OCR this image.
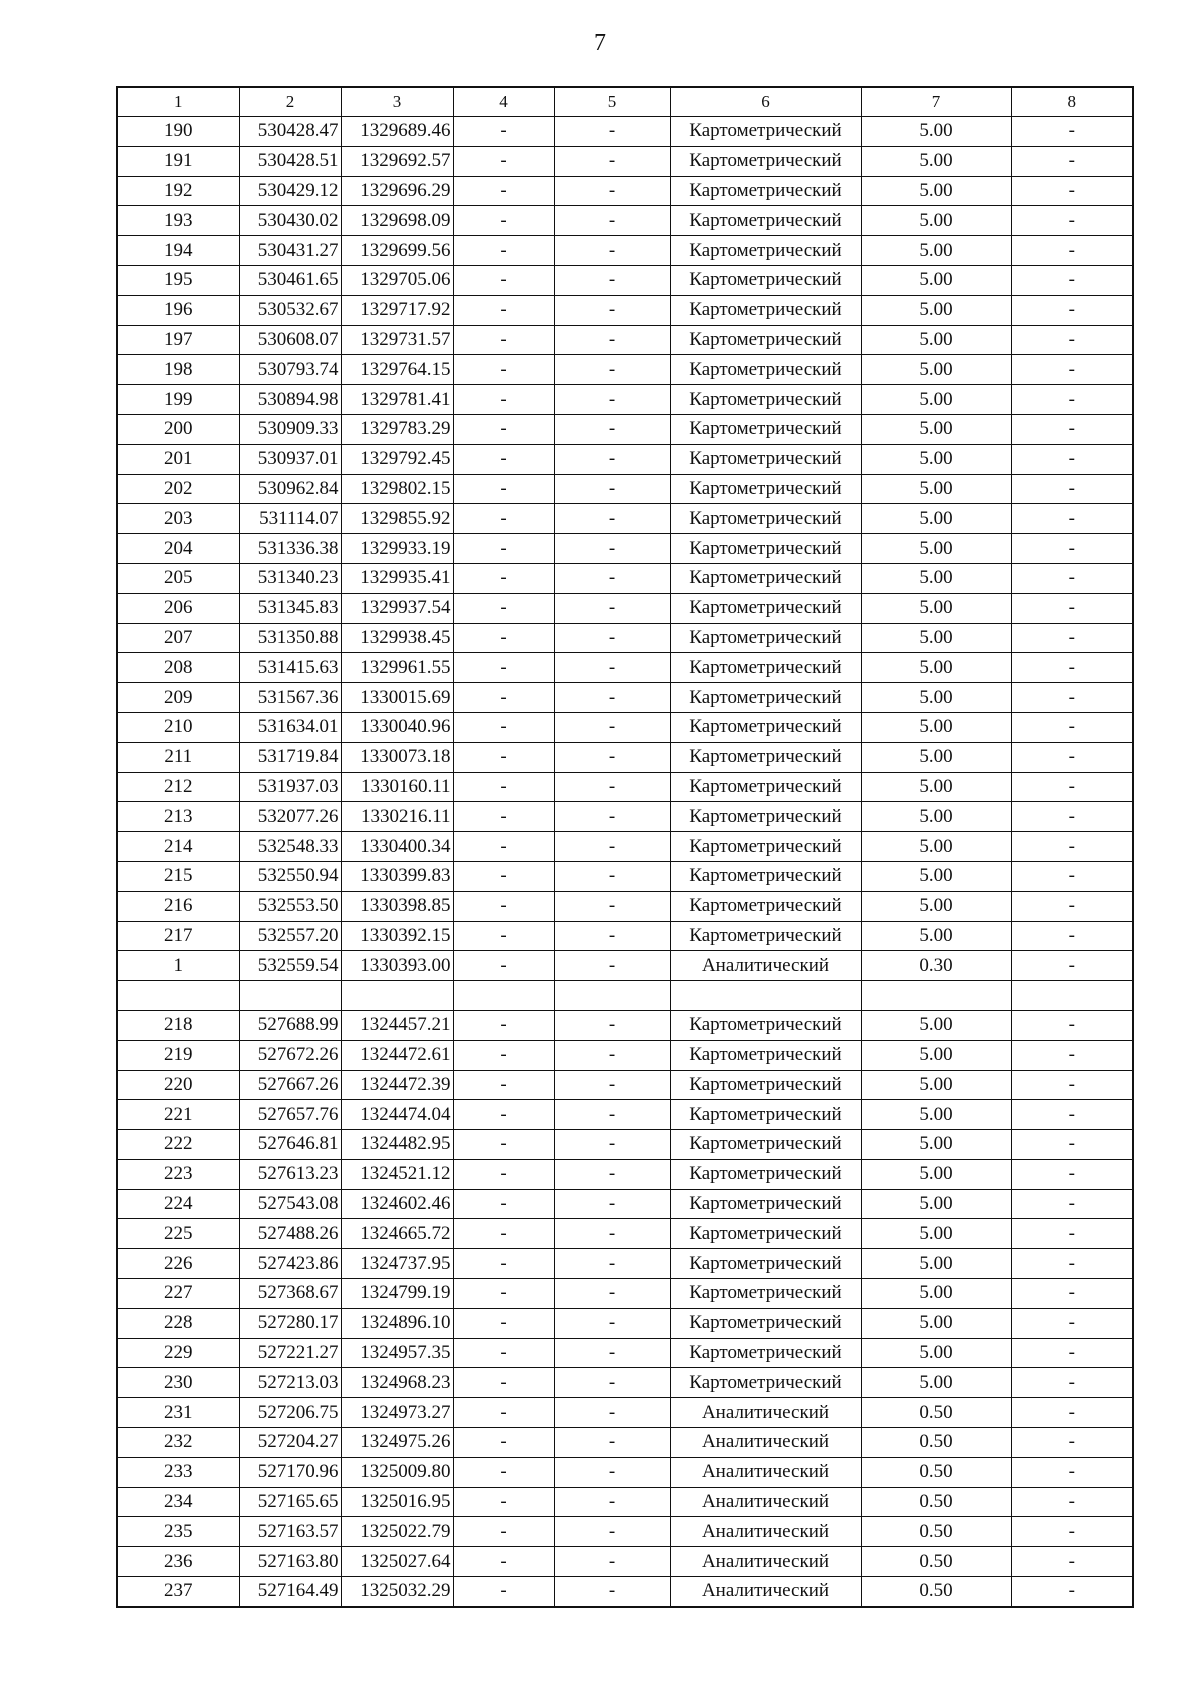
7
1	2	3	4	5	6	7	8
190	530428.47	1329689.46	-	-	Картометрический	5.00	-
191	530428.51	1329692.57	-	-	Картометрический	5.00	-
192	530429.12	1329696.29	-	-	Картометрический	5.00	-
193	530430.02	1329698.09	-	-	Картометрический	5.00	-
194	530431.27	1329699.56	-	-	Картометрический	5.00	-
195	530461.65	1329705.06	-	-	Картометрический	5.00	-
196	530532.67	1329717.92	-	-	Картометрический	5.00	-
197	530608.07	1329731.57	-	-	Картометрический	5.00	-
198	530793.74	1329764.15	-	-	Картометрический	5.00	-
199	530894.98	1329781.41	-	-	Картометрический	5.00	-
200	530909.33	1329783.29	-	-	Картометрический	5.00	-
201	530937.01	1329792.45	-	-	Картометрический	5.00	-
202	530962.84	1329802.15	-	-	Картометрический	5.00	-
203	531114.07	1329855.92	-	-	Картометрический	5.00	-
204	531336.38	1329933.19	-	-	Картометрический	5.00	-
205	531340.23	1329935.41	-	-	Картометрический	5.00	-
206	531345.83	1329937.54	-	-	Картометрический	5.00	-
207	531350.88	1329938.45	-	-	Картометрический	5.00	-
208	531415.63	1329961.55	-	-	Картометрический	5.00	-
209	531567.36	1330015.69	-	-	Картометрический	5.00	-
210	531634.01	1330040.96	-	-	Картометрический	5.00	-
211	531719.84	1330073.18	-	-	Картометрический	5.00	-
212	531937.03	1330160.11	-	-	Картометрический	5.00	-
213	532077.26	1330216.11	-	-	Картометрический	5.00	-
214	532548.33	1330400.34	-	-	Картометрический	5.00	-
215	532550.94	1330399.83	-	-	Картометрический	5.00	-
216	532553.50	1330398.85	-	-	Картометрический	5.00	-
217	532557.20	1330392.15	-	-	Картометрический	5.00	-
1	532559.54	1330393.00	-	-	Аналитический	0.30	-

218	527688.99	1324457.21	-	-	Картометрический	5.00	-
219	527672.26	1324472.61	-	-	Картометрический	5.00	-
220	527667.26	1324472.39	-	-	Картометрический	5.00	-
221	527657.76	1324474.04	-	-	Картометрический	5.00	-
222	527646.81	1324482.95	-	-	Картометрический	5.00	-
223	527613.23	1324521.12	-	-	Картометрический	5.00	-
224	527543.08	1324602.46	-	-	Картометрический	5.00	-
225	527488.26	1324665.72	-	-	Картометрический	5.00	-
226	527423.86	1324737.95	-	-	Картометрический	5.00	-
227	527368.67	1324799.19	-	-	Картометрический	5.00	-
228	527280.17	1324896.10	-	-	Картометрический	5.00	-
229	527221.27	1324957.35	-	-	Картометрический	5.00	-
230	527213.03	1324968.23	-	-	Картометрический	5.00	-
231	527206.75	1324973.27	-	-	Аналитический	0.50	-
232	527204.27	1324975.26	-	-	Аналитический	0.50	-
233	527170.96	1325009.80	-	-	Аналитический	0.50	-
234	527165.65	1325016.95	-	-	Аналитический	0.50	-
235	527163.57	1325022.79	-	-	Аналитический	0.50	-
236	527163.80	1325027.64	-	-	Аналитический	0.50	-
237	527164.49	1325032.29	-	-	Аналитический	0.50	-
